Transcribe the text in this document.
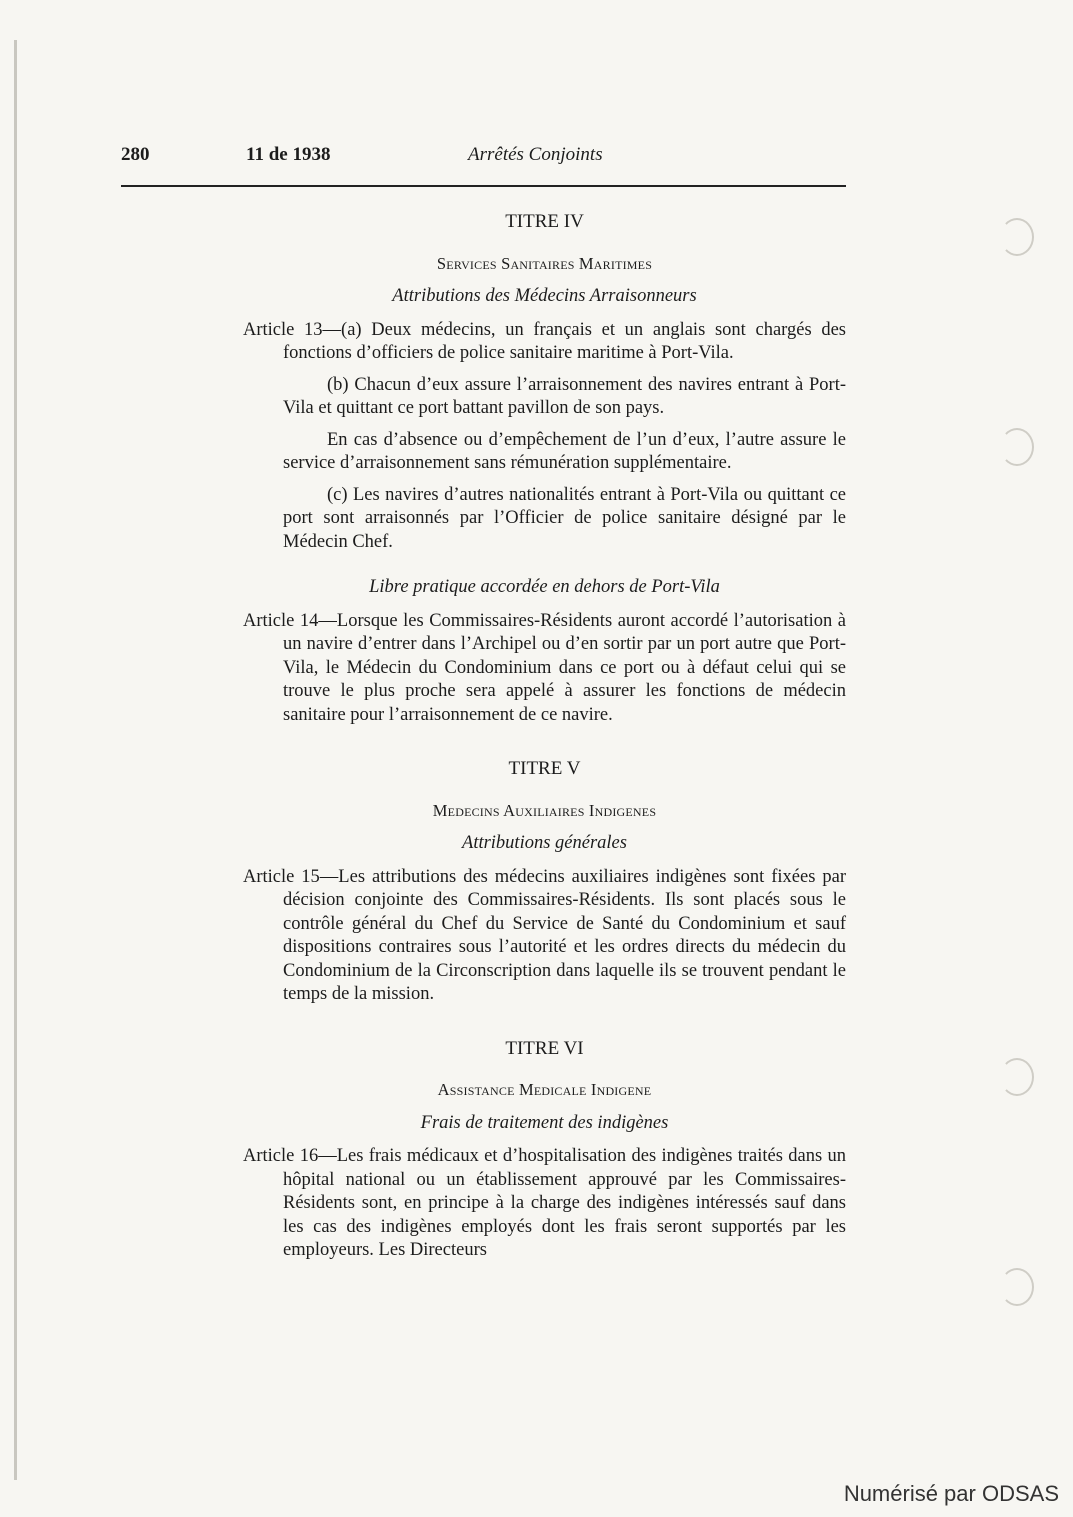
280	11 de 1938	Arrêtés Conjoints
TITRE IV
Services Sanitaires Maritimes
Attributions des Médecins Arraisonneurs

Article 13—(a) Deux médecins, un français et un anglais sont chargés des fonctions d’officiers de police sanitaire maritime à Port-Vila.

(b) Chacun d’eux assure l’arraisonnement des navires entrant à Port-Vila et quittant ce port battant pavillon de son pays.

En cas d’absence ou d’empêchement de l’un d’eux, l’autre assure le service d’arraisonnement sans rémunération supplémentaire.

(c) Les navires d’autres nationalités entrant à Port-Vila ou quittant ce port sont arraisonnés par l’Officier de police sanitaire désigné par le Médecin Chef.

Libre pratique accordée en dehors de Port-Vila

Article 14—Lorsque les Commissaires-Résidents auront accordé l’autorisation à un navire d’entrer dans l’Archipel ou d’en sortir par un port autre que Port-Vila, le Médecin du Condominium dans ce port ou à défaut celui qui se trouve le plus proche sera appelé à assurer les fonctions de médecin sanitaire pour l’arraisonnement de ce navire.

TITRE V
Medecins Auxiliaires Indigenes
Attributions générales

Article 15—Les attributions des médecins auxiliaires indigènes sont fixées par décision conjointe des Commissaires-Résidents. Ils sont placés sous le contrôle général du Chef du Service de Santé du Condominium et sauf dispositions contraires sous l’autorité et les ordres directs du médecin du Condominium de la Circonscription dans laquelle ils se trouvent pendant le temps de la mission.

TITRE VI
Assistance Medicale Indigene
Frais de traitement des indigènes

Article 16—Les frais médicaux et d’hospitalisation des indigènes traités dans un hôpital national ou un établissement approuvé par les Commissaires-Résidents sont, en principe à la charge des indigènes intéressés sauf dans les cas des indigènes employés dont les frais seront supportés par les employeurs. Les Directeurs

Numérisé par ODSAS
